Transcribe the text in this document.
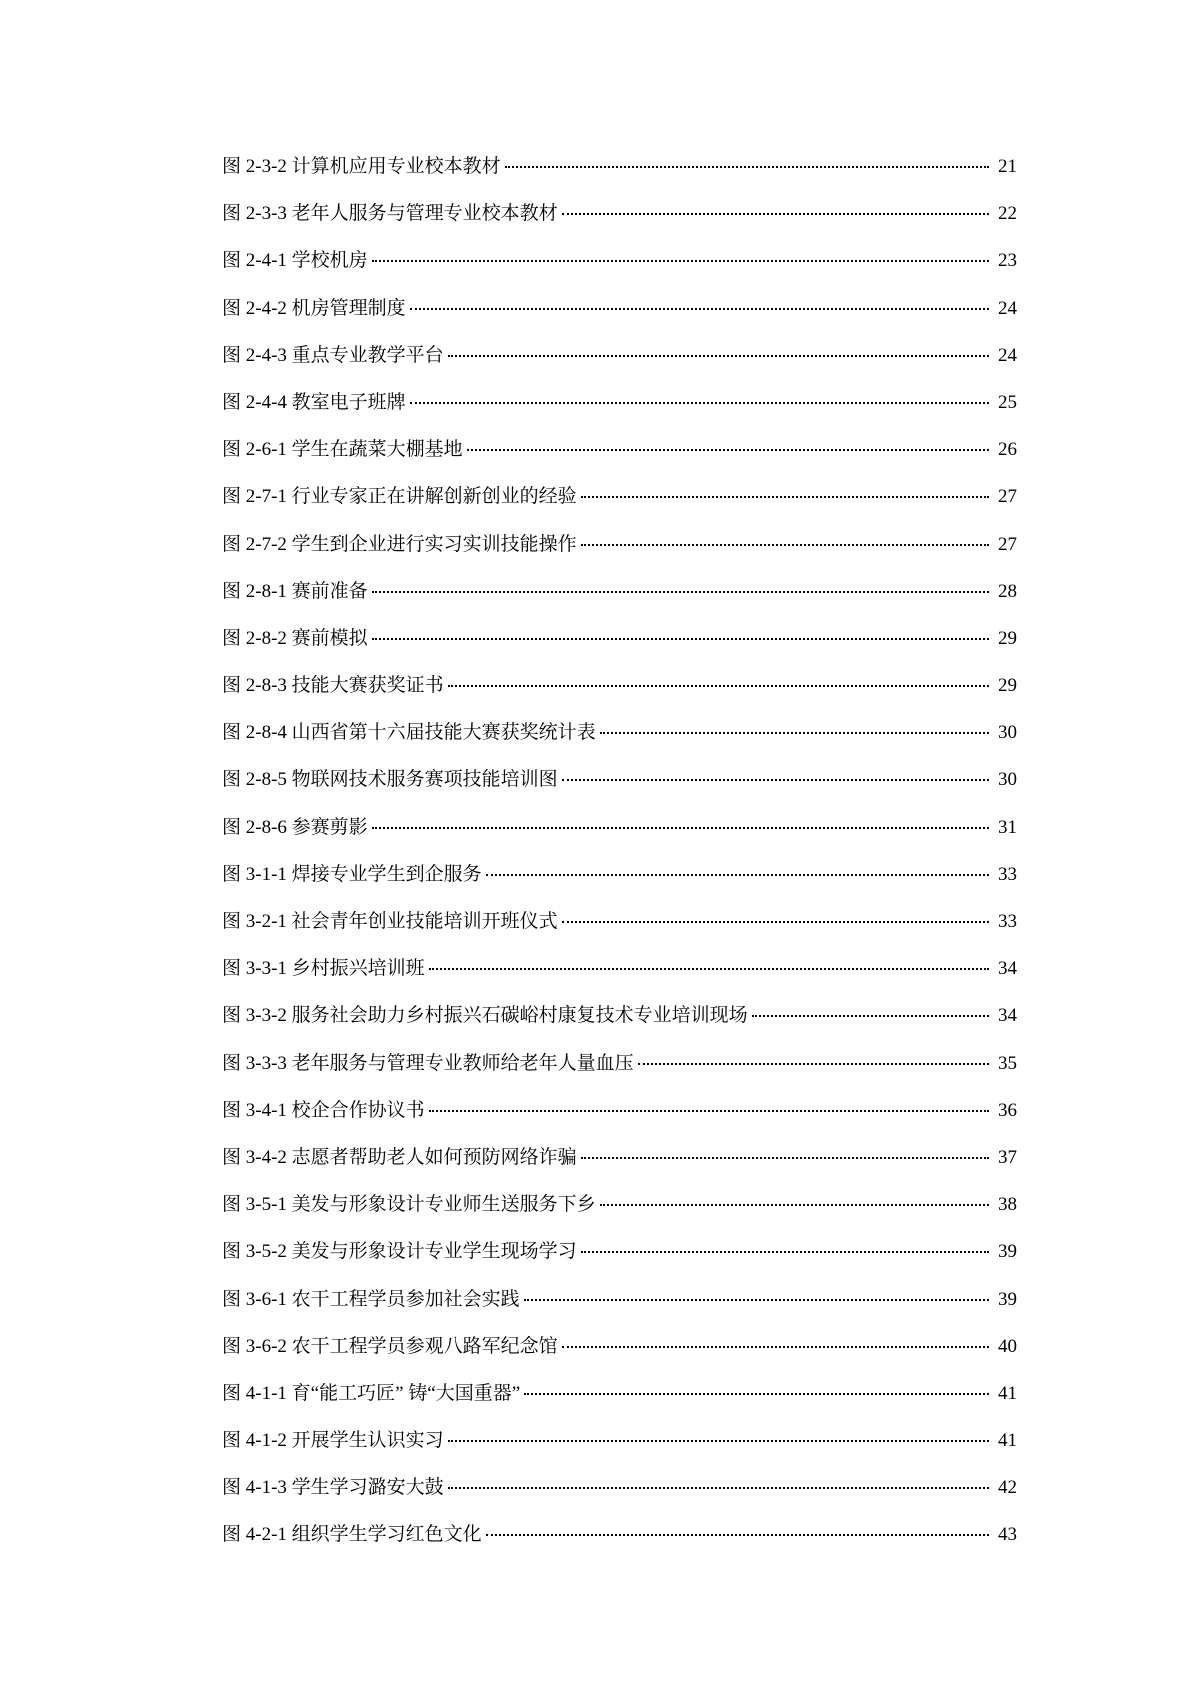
图 2-3-2 计算机应用专业校本教材	21
图 2-3-3 老年人服务与管理专业校本教材	22
图 2-4-1 学校机房	23
图 2-4-2 机房管理制度	24
图 2-4-3 重点专业教学平台	24
图 2-4-4 教室电子班牌	25
图 2-6-1 学生在蔬菜大棚基地	26
图 2-7-1 行业专家正在讲解创新创业的经验	27
图 2-7-2 学生到企业进行实习实训技能操作	27
图 2-8-1 赛前准备	28
图 2-8-2 赛前模拟	29
图 2-8-3 技能大赛获奖证书	29
图 2-8-4 山西省第十六届技能大赛获奖统计表	30
图 2-8-5 物联网技术服务赛项技能培训图	30
图 2-8-6 参赛剪影	31
图 3-1-1 焊接专业学生到企服务	33
图 3-2-1 社会青年创业技能培训开班仪式	33
图 3-3-1 乡村振兴培训班	34
图 3-3-2 服务社会助力乡村振兴石碳峪村康复技术专业培训现场	34
图 3-3-3 老年服务与管理专业教师给老年人量血压	35
图 3-4-1 校企合作协议书	36
图 3-4-2 志愿者帮助老人如何预防网络诈骗	37
图 3-5-1 美发与形象设计专业师生送服务下乡	38
图 3-5-2 美发与形象设计专业学生现场学习	39
图 3-6-1 农干工程学员参加社会实践	39
图 3-6-2 农干工程学员参观八路军纪念馆	40
图 4-1-1 育“能工巧匠” 铸“大国重器”	41
图 4-1-2 开展学生认识实习	41
图 4-1-3 学生学习潞安大鼓	42
图 4-2-1 组织学生学习红色文化	43
